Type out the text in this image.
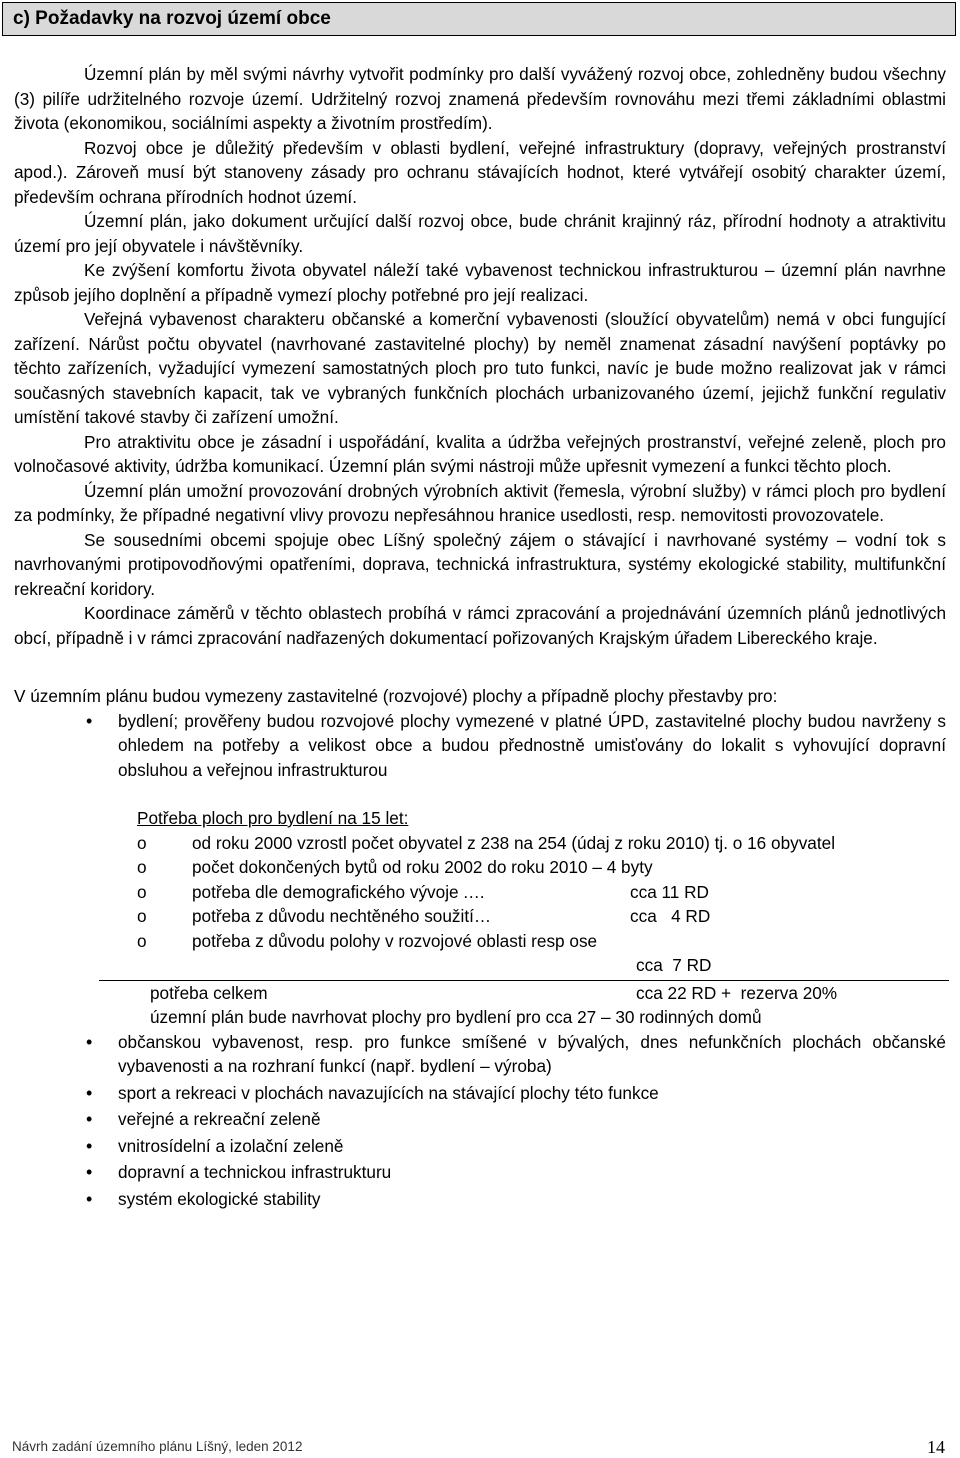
c) Požadavky na rozvoj území obce

Územní plán by měl svými návrhy vytvořit podmínky pro další vyvážený rozvoj obce, zohledněny budou všechny (3) pilíře udržitelného rozvoje území. Udržitelný rozvoj znamená především rovnováhu mezi třemi základními oblastmi života (ekonomikou, sociálními aspekty a životním prostředím).

Rozvoj obce je důležitý především v oblasti bydlení, veřejné infrastruktury (dopravy, veřejných prostranství apod.). Zároveň musí být stanoveny zásady pro ochranu stávajících hodnot, které vytvářejí osobitý charakter území, především ochrana přírodních hodnot území.

Územní plán, jako dokument určující další rozvoj obce, bude chránit krajinný ráz, přírodní hodnoty a atraktivitu území pro její obyvatele i návštěvníky.

Ke zvýšení komfortu života obyvatel náleží také vybavenost technickou infrastrukturou – územní plán navrhne způsob jejího doplnění a případně vymezí plochy potřebné pro její realizaci.

Veřejná vybavenost charakteru občanské a komerční vybavenosti (sloužící obyvatelům) nemá v obci fungující zařízení. Nárůst počtu obyvatel (navrhované zastavitelné plochy) by neměl znamenat zásadní navýšení poptávky po těchto zařízeních, vyžadující vymezení samostatných ploch pro tuto funkci, navíc je bude možno realizovat jak v rámci současných stavebních kapacit, tak ve vybraných funkčních plochách urbanizovaného území, jejichž funkční regulativ umístění takové stavby či zařízení umožní.

Pro atraktivitu obce je zásadní i uspořádání, kvalita a údržba veřejných prostranství, veřejné zeleně, ploch pro volnočasové aktivity, údržba komunikací. Územní plán svými nástroji může upřesnit vymezení a funkci těchto ploch.

Územní plán umožní provozování drobných výrobních aktivit (řemesla, výrobní služby) v rámci ploch pro bydlení za podmínky, že případné negativní vlivy provozu nepřesáhnou hranice usedlosti, resp. nemovitosti provozovatele.

Se sousedními obcemi spojuje obec Líšný společný zájem o stávající i navrhované systémy – vodní tok s navrhovanými protipovodňovými opatřeními, doprava, technická infrastruktura, systémy ekologické stability, multifunkční rekreační koridory.

Koordinace záměrů v těchto oblastech probíhá v rámci zpracování a projednávání územních plánů jednotlivých obcí, případně i v rámci zpracování nadřazených dokumentací pořizovaných Krajským úřadem Libereckého kraje.

V územním plánu budou vymezeny zastavitelné (rozvojové) plochy a případně plochy přestavby pro:
• bydlení; prověřeny budou rozvojové plochy vymezené v platné ÚPD, zastavitelné plochy budou navrženy s ohledem na potřeby a velikost obce a budou přednostně umisťovány do lokalit s vyhovující dopravní obsluhou a veřejnou infrastrukturou
Potřeba ploch pro bydlení na 15 let:
o	od roku 2000 vzrostl počet obyvatel z 238 na 254 (údaj z roku 2010) tj. o 16 obyvatel
o	počet dokončených bytů od roku 2002 do roku 2010 – 4 byty
o	potřeba dle demografického vývoje .…	cca 11 RD
o	potřeba z důvodu nechtěného soužití…	cca   4 RD
o	potřeba z důvodu polohy v rozvojové oblasti resp ose
cca  7 RD
potřeba celkem	cca 22 RD +  rezerva 20%
územní plán bude navrhovat plochy pro bydlení pro cca 27 – 30 rodinných domů
• občanskou vybavenost, resp. pro funkce smíšené v bývalých, dnes nefunkčních plochách občanské vybavenosti a na rozhraní funkcí (např. bydlení – výroba)
• sport a rekreaci v plochách navazujících na stávající plochy této funkce
• veřejné a rekreační zeleně
• vnitrosídelní a izolační zeleně
• dopravní a technickou infrastrukturu
• systém ekologické stability
Návrh zadání územního plánu Líšný, leden 2012	14
